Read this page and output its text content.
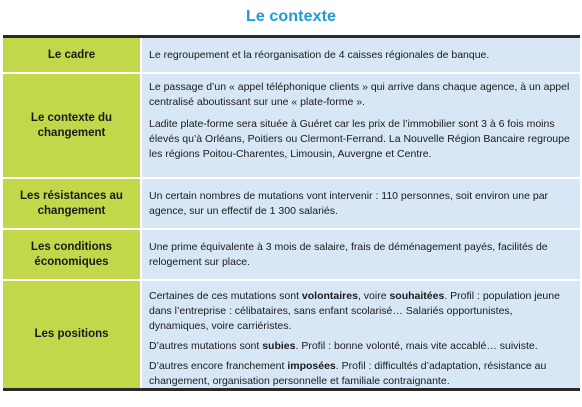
Le contexte
Le cadre	Le regroupement et la réorganisation de 4 caisses régionales de banque.

Le contexte du changement

Le passage d’un « appel téléphonique clients » qui arrive dans chaque agence, à un appel centralisé aboutissant sur une « plate-forme ».

Ladite plate-forme sera située à Guéret car les prix de l’immobilier sont 3 à 6 fois moins élevés qu’à Orléans, Poitiers ou Clermont-Ferrand. La Nouvelle Région Bancaire regroupe les régions Poitou-Charentes, Limousin, Auvergne et Centre.

Les résistances au changement

Un certain nombres de mutations vont intervenir : 110 personnes, soit environ une par agence, sur un effectif de 1 300 salariés.

Les conditions économiques

Une prime équivalente à 3 mois de salaire, frais de déménagement payés, facilités de relogement sur place.

Les positions

Certaines de ces mutations sont volontaires, voire souhaitées. Profil : population jeune dans l’entreprise : célibataires, sans enfant scolarisé… Salariés opportunistes, dynamiques, voire carriéristes.

D’autres mutations sont subies. Profil : bonne volonté, mais vite accablé… suiviste.

D’autres encore franchement imposées. Profil : difficultés d’adaptation, résistance au changement, organisation personnelle et familiale contraignante.
